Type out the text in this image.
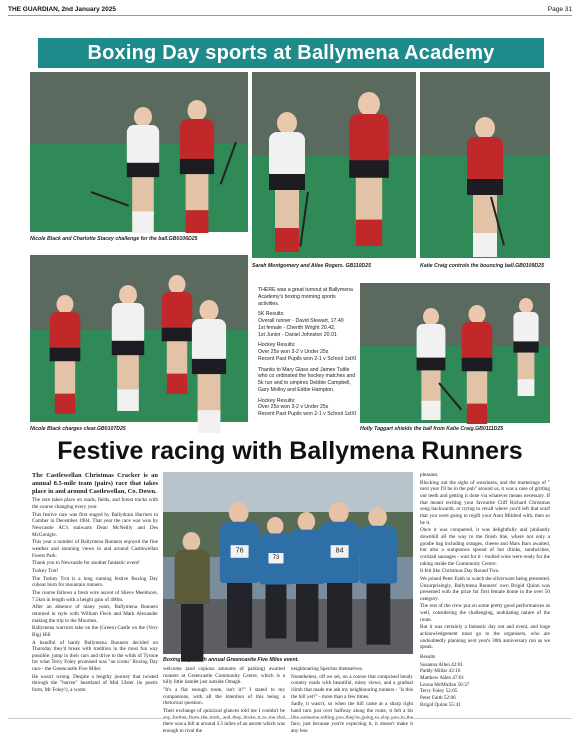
THE GUARDIAN, 2nd January 2025	Page 31
Boxing Day sports at Ballymena Academy
Nicole Black and Charlotte Stacey challenge for the ball.GB0106D25
Sarah Montgomery and Ailee Rogers. GB110D25	Katie Craig controls the bouncing ball.GB0109D25
Nicole Black charges clear.GB0107D25

THERE was a great turnout at Ballymena Academy's boxing morning sports activities.

5K Results:
Overall runner - David Stewart, 17.40
1st female - Cherith Wright 20.42,
1st Junior - Daniel Johnston 20.01

Hockey Results:
Over 25s won 3-2 v Under 25s
Recent Past Pupils won 2-1 v School 1stXI

Thanks to Mary Glass and James Tuttle who co ordinated the hockey matches and 5k run and to umpires Debbie Campbell, Gary Molloy and Eddie Hampton.

Hockey Results:
Over 25s won 3-2 v Under 25s
Recent Past Pupils won 2-1 v School 1stXI

Holly Taggart shields the ball from Katie Craig.GB0111D25
Festive racing with Ballymena Runners

The Castlewellan Christmas Cracker is an annual 8.5-mile team (pairs) race that takes place in and around Castlewellan, Co. Down.

The race takes place on roads, fields, and forest tracks with the course changing every year.

This festive race was first staged by Ballydrain Harriers in Comber in December 1984. That year the race was won by Newcastle AC's stalwarts Dean McNeilly and Des McGonigle.

This year a number of Ballymena Runners enjoyed the fine weather and stunning views in and around Castlewellan Forest Park.

Thank you to Newcastle for another fantastic event!

Turkey Trot!

The Turkey Trot is a long running festive Boxing Day cuboar burn for mountain runners.

The course follows a fresh wire ascent of Slieve Meelmore, 7.5km in length with a height gain of 400m.

After an absence of many years, Ballymena Runners returned in style with William Fleck and Mark Alexander making the trip to the Mournes.

Ballymena warriors take on the (Green) Castle on the (Very Big) Hill

A handful of hardy Ballymena Runners decided on Thursday they'd break with tradition in the most fun way possible: jump in their cars and drive to the wilds of Tyrone for what Terry Foley promised was "an iconic' Boxing Day race - the Greencastle Five Miler.

He wasn't wrong. Despite a lengthy journey that twisted through the "barren" heartland of Mid Ulster (in poetic form, Mr Foley!), a warm

76
73
84
Boxing Day - 29th annual Greencastle Five Miles event.

welcome (and copious amounts of parking) awaited runners at Greencastle Community Centre, which is a hilly little hamlet just outside Omagh.

"It's a flat enough route, isn't it?" I stated to my companions, with all the intention of this being a rhetorical question.

Their exchange of quizzical glances told me I couldn't be any further from the truth, and they broke it to me that there was a hill at around 3.5 miles of an ascent which was enough to rival the

neighbouring Sperrins themselves.

Nonetheless, off we set, on a course that comprised bendy country roads with beautiful, misty views, and a gradual climb that made me ask my neighbouring runners - "is this the hill yet?" - more than a few times.

Sadly, it wasn't, so when the hill came at a sharp right hand turn just over halfway along the route, it felt a bit like someone telling you they're going to slap you in the face, just because you're expecting it, it doesn't make it any less

pleasant.

Blocking out the sighs of weariness, and the mutterings of " next year I'll be in the pub" around us, it was a case of gritting our teeth and getting it done via whatever means necessary. If that meant reciting your favourite Cliff Richard Christmas song backwards, or trying to recall where you'd left that scarf that you were going to regift your Aunt Mildred with, then so be it.

Once it was conquered, it was delightfully and jubilantly downhill all the way to the finish line, where not only a goodie bag including oranges, cheese and Mars Bars awaited, but also a sumptuous spread of hot drinks, sandwiches, cocktail sausages - wait for it - mulled wine were ready for the taking inside the Community Centre.

It felt like Christmas Day Round Two.

We joined Peter Faith to watch the silverware being presented. Unsurprisingly, Ballymena Runners' own Brigid Quinn was presented with the prize for first female home in the over 50 category.

The rest of the crew put on some pretty good performances as well, considering the challenging, undulating nature of the route.

But it was certainly a fantastic day out and event, and huge acknowledgement must go to the organisers, who are undoubtedly planning next year's 30th anniversary run as we speak.

Results

Susanna Allen 42:01
Paddy Millar 43:16
Matthew Allen 47:01
Leona McMullan 50:37
Terry Foley 52:05
Peter Faith 52:06
Brigid Quinn 55:41
